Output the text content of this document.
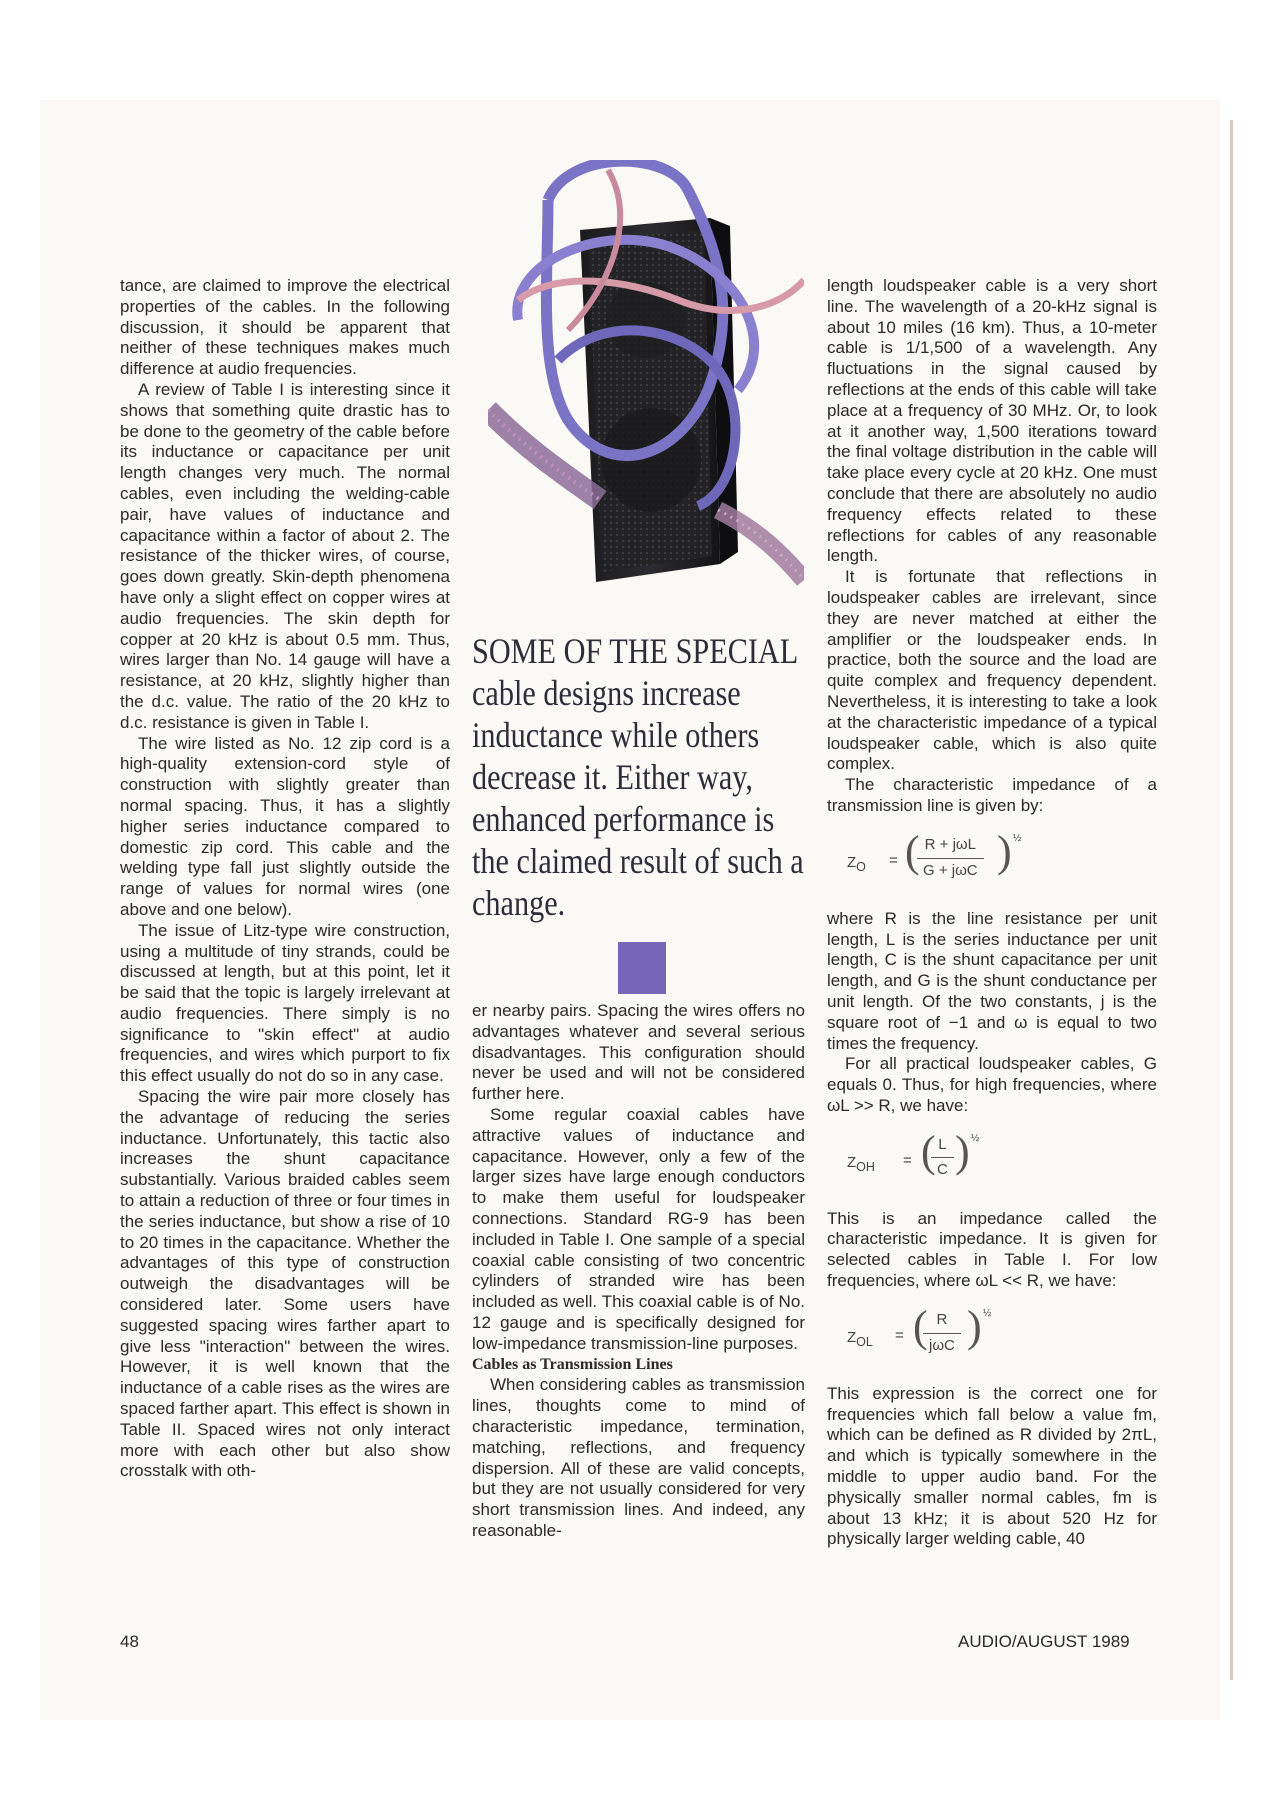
tance, are claimed to improve the electrical properties of the cables. In the following discussion, it should be apparent that neither of these techniques makes much difference at audio frequencies.

A review of Table I is interesting since it shows that something quite drastic has to be done to the geometry of the cable before its inductance or capacitance per unit length changes very much. The normal cables, even including the welding-cable pair, have values of inductance and capacitance within a factor of about 2. The resistance of the thicker wires, of course, goes down greatly. Skin-depth phenomena have only a slight effect on copper wires at audio frequencies. The skin depth for copper at 20 kHz is about 0.5 mm. Thus, wires larger than No. 14 gauge will have a resistance, at 20 kHz, slightly higher than the d.c. value. The ratio of the 20 kHz to d.c. resistance is given in Table I.

The wire listed as No. 12 zip cord is a high-quality extension-cord style of construction with slightly greater than normal spacing. Thus, it has a slightly higher series inductance compared to domestic zip cord. This cable and the welding type fall just slightly outside the range of values for normal wires (one above and one below).

The issue of Litz-type wire construction, using a multitude of tiny strands, could be discussed at length, but at this point, let it be said that the topic is largely irrelevant at audio frequencies. There simply is no significance to "skin effect" at audio frequencies, and wires which purport to fix this effect usually do not do so in any case.

Spacing the wire pair more closely has the advantage of reducing the series inductance. Unfortunately, this tactic also increases the shunt capacitance substantially. Various braided cables seem to attain a reduction of three or four times in the series inductance, but show a rise of 10 to 20 times in the capacitance. Whether the advantages of this type of construction outweigh the disadvantages will be considered later. Some users have suggested spacing wires farther apart to give less "interaction" between the wires. However, it is well known that the inductance of a cable rises as the wires are spaced farther apart. This effect is shown in Table II. Spaced wires not only interact more with each other but also show crosstalk with oth-

SOME OF THE SPECIAL cable designs increase inductance while others decrease it. Either way, enhanced performance is the claimed result of such a change.

er nearby pairs. Spacing the wires offers no advantages whatever and several serious disadvantages. This configuration should never be used and will not be considered further here.

Some regular coaxial cables have attractive values of inductance and capacitance. However, only a few of the larger sizes have large enough conductors to make them useful for loudspeaker connections. Standard RG-9 has been included in Table I. One sample of a special coaxial cable consisting of two concentric cylinders of stranded wire has been included as well. This coaxial cable is of No. 12 gauge and is specifically designed for low-impedance transmission-line purposes.

Cables as Transmission Lines

When considering cables as transmission lines, thoughts come to mind of characteristic impedance, termination, matching, reflections, and frequency dispersion. All of these are valid concepts, but they are not usually considered for very short transmission lines. And indeed, any reasonable-

length loudspeaker cable is a very short line. The wavelength of a 20-kHz signal is about 10 miles (16 km). Thus, a 10-meter cable is 1/1,500 of a wavelength. Any fluctuations in the signal caused by reflections at the ends of this cable will take place at a frequency of 30 MHz. Or, to look at it another way, 1,500 iterations toward the final voltage distribution in the cable will take place every cycle at 20 kHz. One must conclude that there are absolutely no audio frequency effects related to these reflections for cables of any reasonable length.

It is fortunate that reflections in loudspeaker cables are irrelevant, since they are never matched at either the amplifier or the loudspeaker ends. In practice, both the source and the load are quite complex and frequency dependent. Nevertheless, it is interesting to take a look at the characteristic impedance of a typical loudspeaker cable, which is also quite complex.

The characteristic impedance of a transmission line is given by:

$Z_O$ = ( R + jωL
G + jωC ) ½

where R is the line resistance per unit length, L is the series inductance per unit length, C is the shunt capacitance per unit length, and G is the shunt conductance per unit length. Of the two constants, j is the square root of −1 and ω is equal to two times the frequency.

For all practical loudspeaker cables, G equals 0. Thus, for high frequencies, where ωL >> R, we have:

$Z_{OH}$ = (
$\frac{L}{C}$ ) ½

This is an impedance called the characteristic impedance. It is given for selected cables in Table I. For low frequencies, where ωL << R, we have:

$Z_{OL}$ = ( R
jωC ) ½

This expression is the correct one for frequencies which fall below a value fm, which can be defined as R divided by 2πL, and which is typically somewhere in the middle to upper audio band. For the physically smaller normal cables, fm is about 13 kHz; it is about 520 Hz for physically larger welding cable, 40

48	AUDIO/AUGUST 1989
